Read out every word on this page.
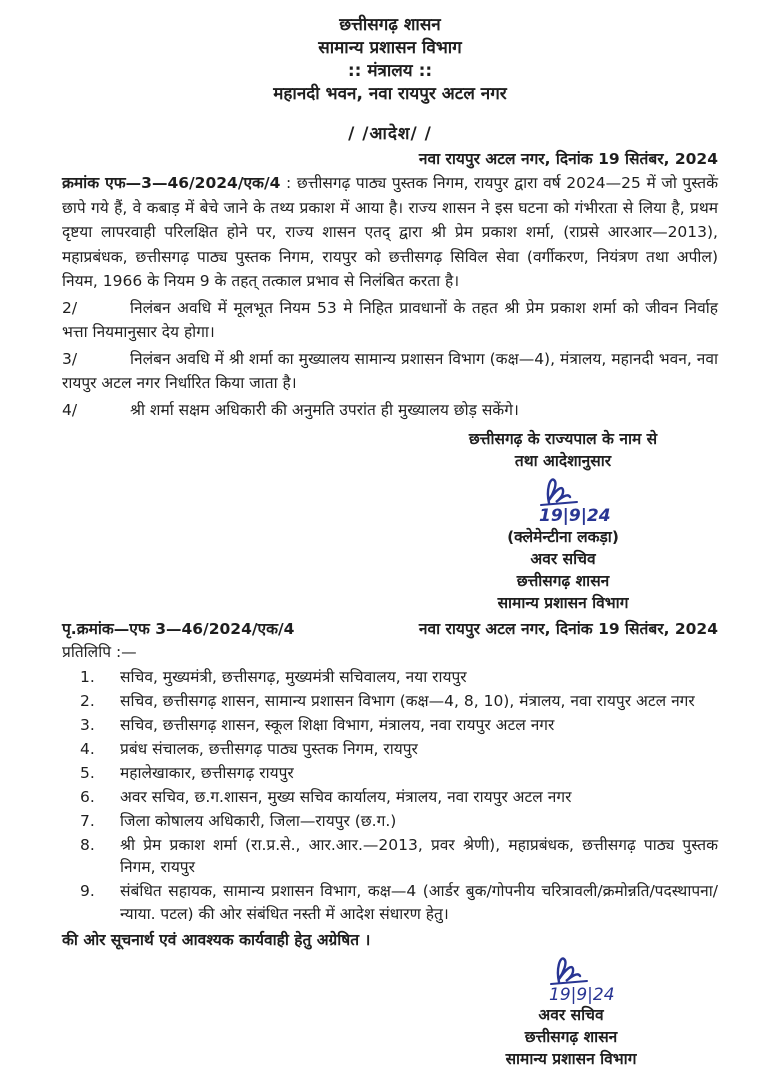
छत्तीसगढ़ शासन
सामान्य प्रशासन विभाग
:: मंत्रालय ::
महानदी भवन, नवा रायपुर अटल नगर
/ /आदेश/ /
नवा रायपुर अटल नगर, दिनांक 19 सितंबर, 2024

क्रमांक एफ—3—46/2024/एक/4 : छत्तीसगढ़ पाठ्य पुस्तक निगम, रायपुर द्वारा वर्ष 2024—25 में जो पुस्तकें छापे गये हैं, वे कबाड़ में बेचे जाने के तथ्य प्रकाश में आया है। राज्य शासन ने इस घटना को गंभीरता से लिया है, प्रथम दृष्टया लापरवाही परिलक्षित होने पर, राज्य शासन एतद् द्वारा श्री प्रेम प्रकाश शर्मा, (राप्रसे आरआर—2013), महाप्रबंधक, छत्तीसगढ़ पाठ्य पुस्तक निगम, रायपुर को छत्तीसगढ़ सिविल सेवा (वर्गीकरण, नियंत्रण तथा अपील) नियम, 1966 के नियम 9 के तहत् तत्काल प्रभाव से निलंबित करता है।

2/	निलंबन अवधि में मूलभूत नियम 53 मे निहित प्रावधानों के तहत श्री प्रेम प्रकाश शर्मा को जीवन निर्वाह भत्ता नियमानुसार देय होगा।

3/	निलंबन अवधि में श्री शर्मा का मुख्यालय सामान्य प्रशासन विभाग (कक्ष—4), मंत्रालय, महानदी भवन, नवा रायपुर अटल नगर निर्धारित किया जाता है।

4/	श्री शर्मा सक्षम अधिकारी की अनुमति उपरांत ही मुख्यालय छोड़ सकेंगे।

छत्तीसगढ़ के राज्यपाल के नाम से
तथा आदेशानुसार
19|9|24
(क्लेमेन्टीना लकड़ा)
अवर सचिव
छत्तीसगढ़ शासन
सामान्य प्रशासन विभाग
पृ.क्रमांक—एफ 3—46/2024/एक/4	नवा रायपुर अटल नगर, दिनांक 19 सितंबर, 2024
प्रतिलिपि :—
1.	सचिव, मुख्यमंत्री, छत्तीसगढ़, मुख्यमंत्री सचिवालय, नया रायपुर
2.	सचिव, छत्तीसगढ़ शासन, सामान्य प्रशासन विभाग (कक्ष—4, 8, 10), मंत्रालय, नवा रायपुर अटल नगर
3.	सचिव, छत्तीसगढ़ शासन, स्कूल शिक्षा विभाग, मंत्रालय, नवा रायपुर अटल नगर
4.	प्रबंध संचालक, छत्तीसगढ़ पाठ्य पुस्तक निगम, रायपुर
5.	महालेखाकार, छत्तीसगढ़ रायपुर
6.	अवर सचिव, छ.ग.शासन, मुख्य सचिव कार्यालय, मंत्रालय, नवा रायपुर अटल नगर
7.	जिला कोषालय अधिकारी, जिला—रायपुर (छ.ग.)
8.	श्री प्रेम प्रकाश शर्मा (रा.प्र.से., आर.आर.—2013, प्रवर श्रेणी), महाप्रबंधक, छत्तीसगढ़ पाठ्य पुस्तक निगम, रायपुर
9.	संबंधित सहायक, सामान्य प्रशासन विभाग, कक्ष—4 (आर्डर बुक/गोपनीय चरित्रावली/क्रमोन्नति/पदस्थापना/न्याया. पटल) की ओर संबंधित नस्ती में आदेश संधारण हेतु।

की ओर सूचनार्थ एवं आवश्यक कार्यवाही हेतु अग्रेषित ।

19|9|24
अवर सचिव
छत्तीसगढ़ शासन
सामान्य प्रशासन विभाग
